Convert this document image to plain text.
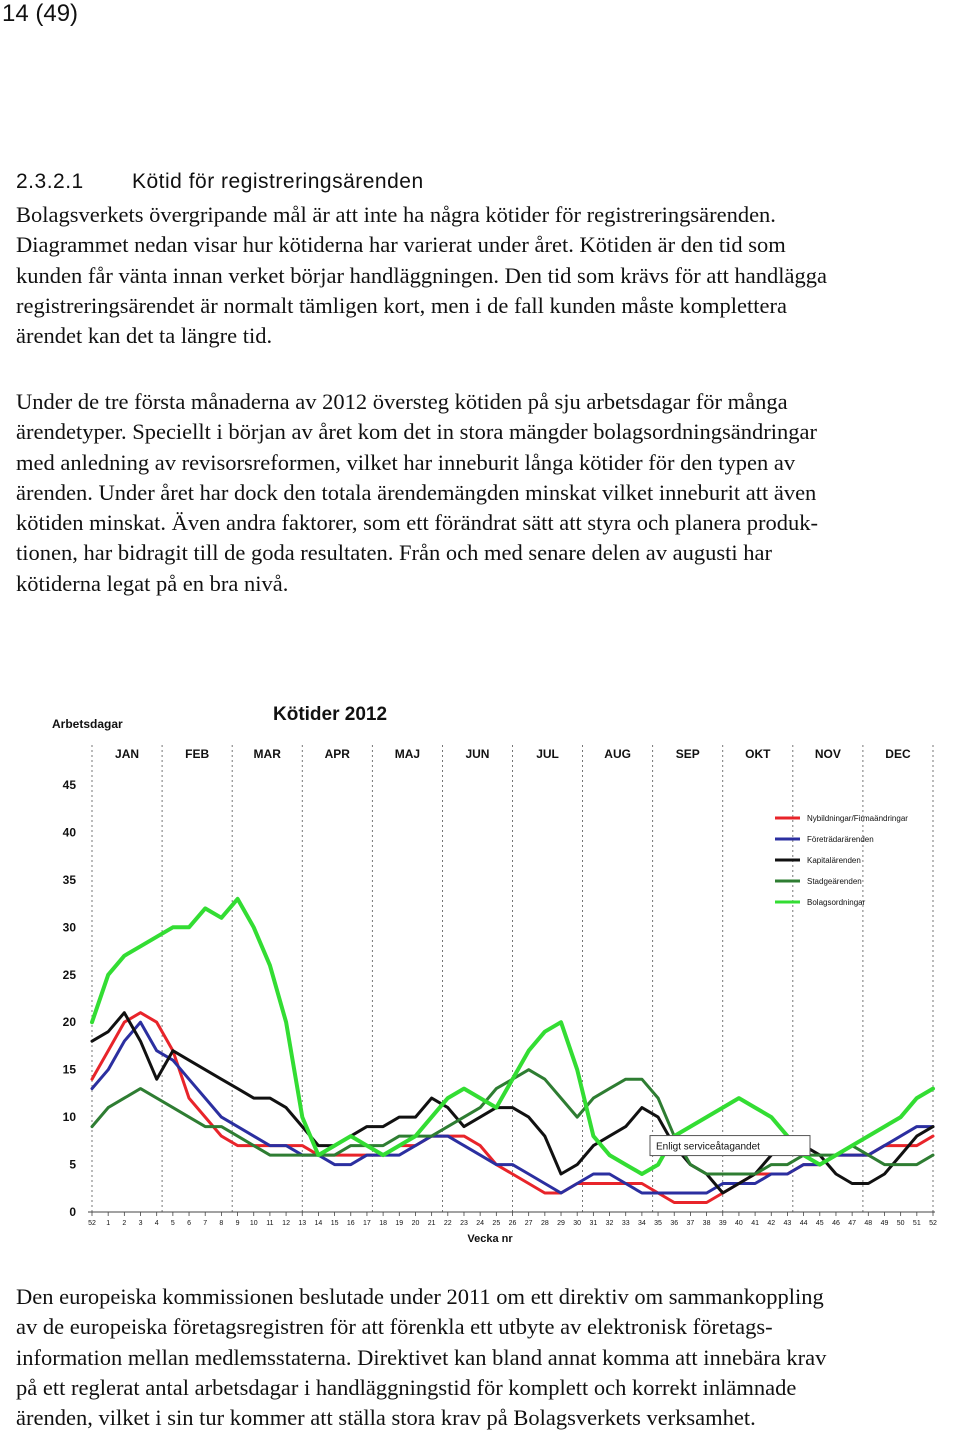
14 (49)
2.3.2.1 Kötid för registreringsärenden

Bolagsverkets övergripande mål är att inte ha några kötider för registreringsärenden.
Diagrammet nedan visar hur kötiderna har varierat under året. Kötiden är den tid som
kunden får vänta innan verket börjar handläggningen. Den tid som krävs för att handlägga
registreringsärendet är normalt tämligen kort, men i de fall kunden måste komplettera
ärendet kan det ta längre tid.

Under de tre första månaderna av 2012 översteg kötiden på sju arbetsdagar för många
ärendetyper. Speciellt i början av året kom det in stora mängder bolagsordningsändringar
med anledning av revisorsreformen, vilket har inneburit långa kötider för den typen av
ärenden. Under året har dock den totala ärendemängden minskat vilket inneburit att även
kötiden minskat. Även andra faktorer, som ett förändrat sätt att styra och planera produk-
tionen, har bidragit till de goda resultaten. Från och med senare delen av augusti har
kötiderna legat på en bra nivå.

Kötider 2012
Arbetsdagar
Vecka nr
JAN	FEB	MAR	APR	MAJ	JUN	JUL	AUG	SEP	OKT	NOV	DEC
0
5
10
15
20
25
30
35
40
45
52 1 2 3 4 5 6 7 8 9 10 11 12 13 14 15 16 17 18 19 20 21 22 23 24 25 26 27 28 29 30 31 32 33 34 35 36 37 38 39 40 41 42 43 44 45 46 47 48 49 50 51 52
Enligt serviceåtagandet
Nybildningar/Firmaändringar
Företrädarärenden
Kapitalärenden
Stadgeärenden
Bolagsordningar

Den europeiska kommissionen beslutade under 2011 om ett direktiv om sammankoppling
av de europeiska företagsregistren för att förenkla ett utbyte av elektronisk företags-
information mellan medlemsstaterna. Direktivet kan bland annat komma att innebära krav
på ett reglerat antal arbetsdagar i handläggningstid för komplett och korrekt inlämnade
ärenden, vilket i sin tur kommer att ställa stora krav på Bolagsverkets verksamhet.
